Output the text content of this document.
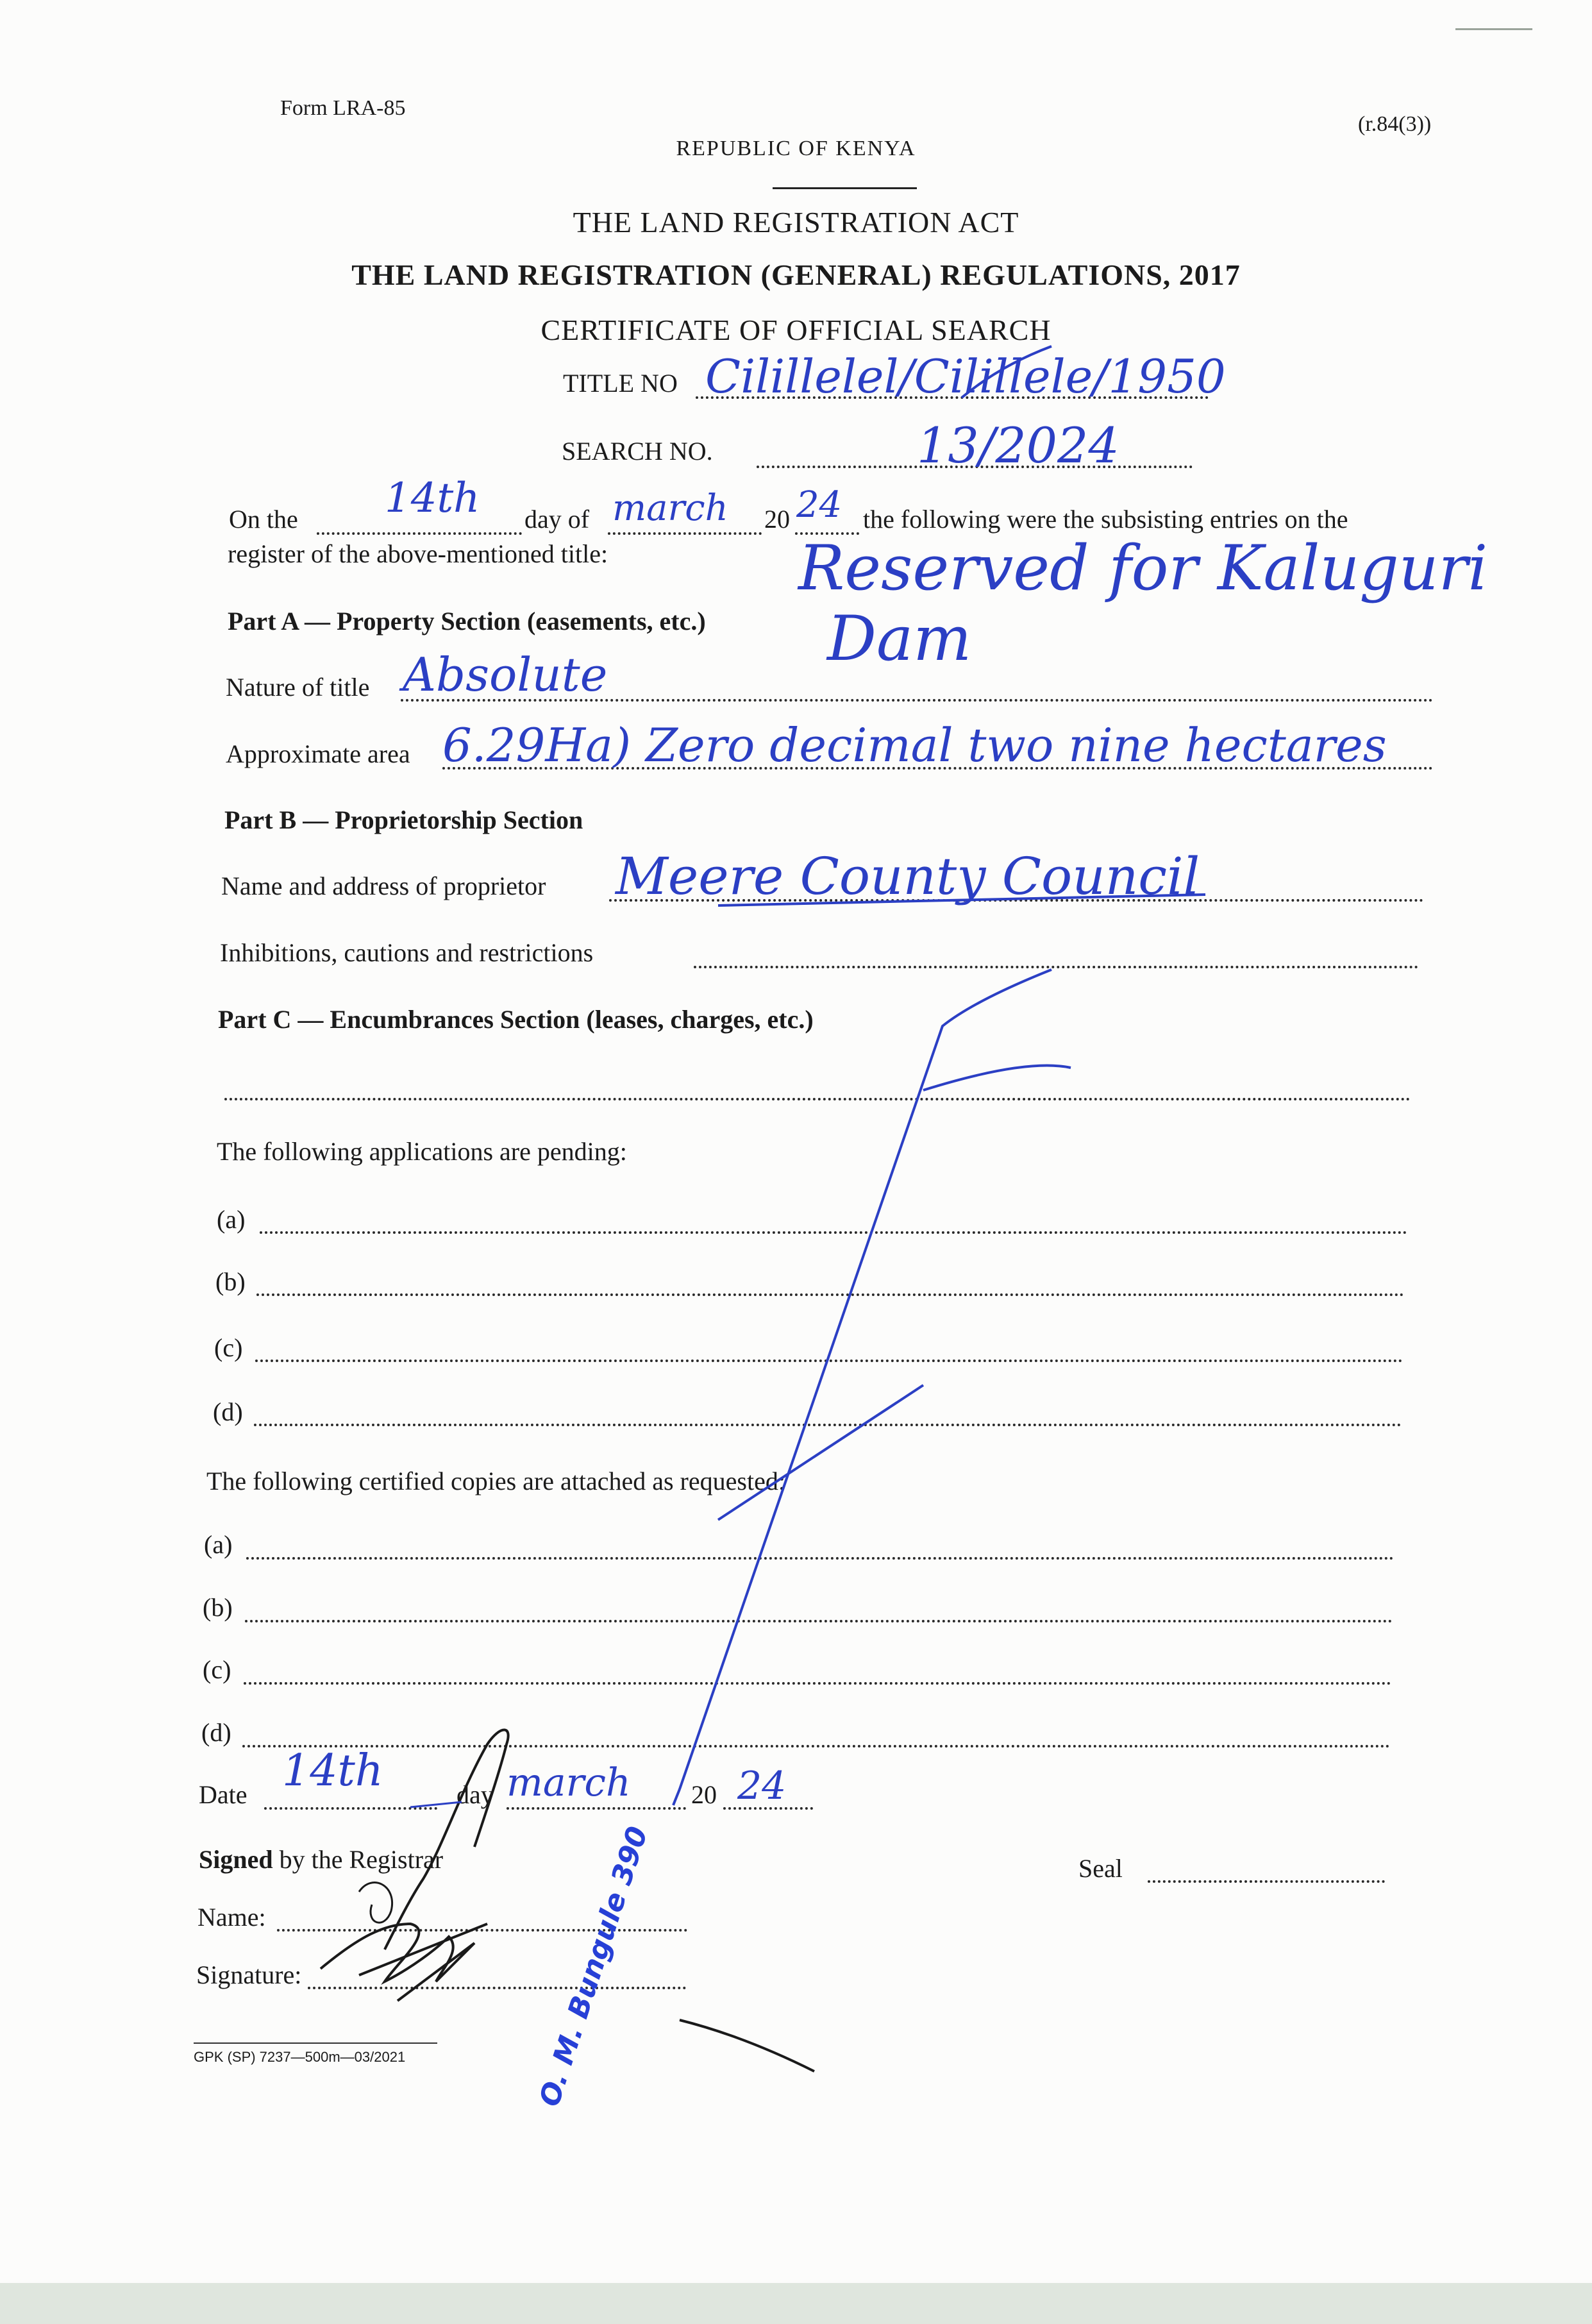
Form LRA-85
(r.84(3))
REPUBLIC OF KENYA
THE LAND REGISTRATION ACT
THE LAND REGISTRATION (GENERAL) REGULATIONS, 2017
CERTIFICATE OF OFFICIAL SEARCH
TITLE NO Cilillelel/Cilillele/1950
SEARCH NO.	13/2024
On the 14th day of march 20 24 the following were the subsisting entries on the
register of the above-mentioned title:	Reserved for Kaluguri
Dam
Part A — Property Section (easements, etc.)
Nature of title Absolute
Approximate area 6.29Ha) Zero decimal two nine hectares
Part B — Proprietorship Section
Name and address of proprietor Meere County Council
Inhibitions, cautions and restrictions
Part C — Encumbrances Section (leases, charges, etc.)
The following applications are pending:
(a)
(b)
(c)
(d)
The following certified copies are attached as requested:
(a)
(b)
(c)
(d)
Date 14th	day march 20 24
Signed by the Registrar	Seal
Name:
Signature:
GPK (SP) 7237—500m—03/2021	O. M. Bungule 390
